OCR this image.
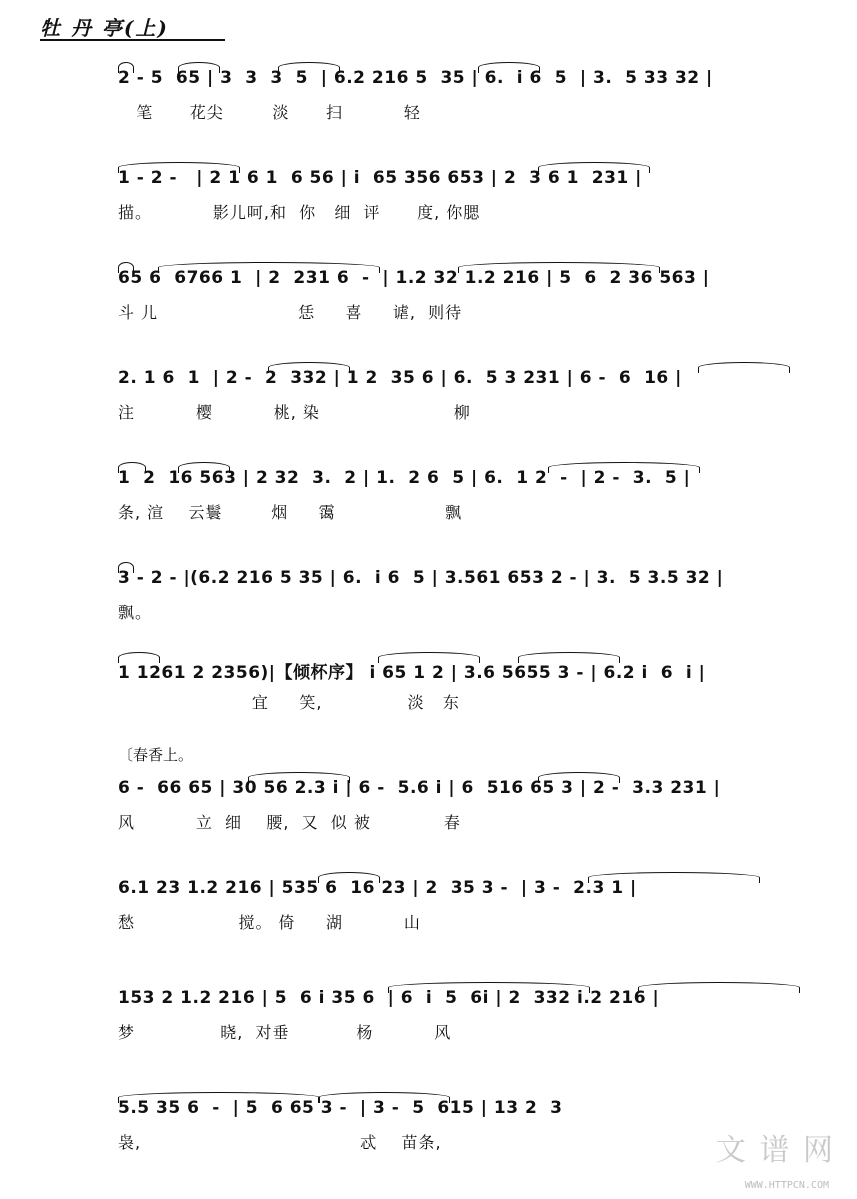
牡 丹 亭(上)
2 - 5  65 | 3  3  3  5  | 6.2 216 5  35 | 6.  i 6  5  | 3.  5 33 32 |
笔      花尖        淡      扫          轻
1 - 2 -   | 2 1 6 1  6 56 | i  65 356 653 | 2  3 6 1  231 |
描。          影儿呵,和  你   细  评      度, 你腮
65 6  6766 1  | 2  231 6  -  | 1.2 32 1.2 216 | 5  6  2 36 563 |
斗 儿                       恁     喜     谑,  则待
2. 1 6  1  | 2 -  2  332 | 1 2  35 6 | 6.  5 3 231 | 6 -  6  16 |
注          樱          桃, 染                      柳
1  2  16 563 | 2 32  3.  2 | 1.  2 6  5 | 6.  1 2  -  | 2 -  3.  5 |
条, 渲    云鬟        烟     霭                  飘
3 - 2 - |(6.2 216 5 35 | 6.  i 6  5 | 3.561 653 2 - | 3.  5 3.5 32 |
飘。
1 1261 2 2356)|【倾杯序】 i 65 1 2 | 3.6 5655 3 - | 6.2 i  6  i |
宜     笑,              淡   东
〔春香上。
6 -  66 65 | 30 56 2.3 i | 6 -  5.6 i | 6  516 65 3 | 2 -  3.3 231 |
风          立  细    腰,  又  似 被            春
6.1 23 1.2 216 | 535 6  16 23 | 2  35 3 -  | 3 -  2.3 1 |
愁                 搅。 倚     湖          山
153 2 1.2 216 | 5  6 i 35 6  | 6  i  5  6i | 2  332 i.2 216 |
梦              晓,  对垂           杨          风
5.5 35 6  -  | 5  6 65 3 -  | 3 -  5  615 | 13 2  3
袅,                                    忒    苗条,	文 谱 网
WWW.HTTPCN.COM
